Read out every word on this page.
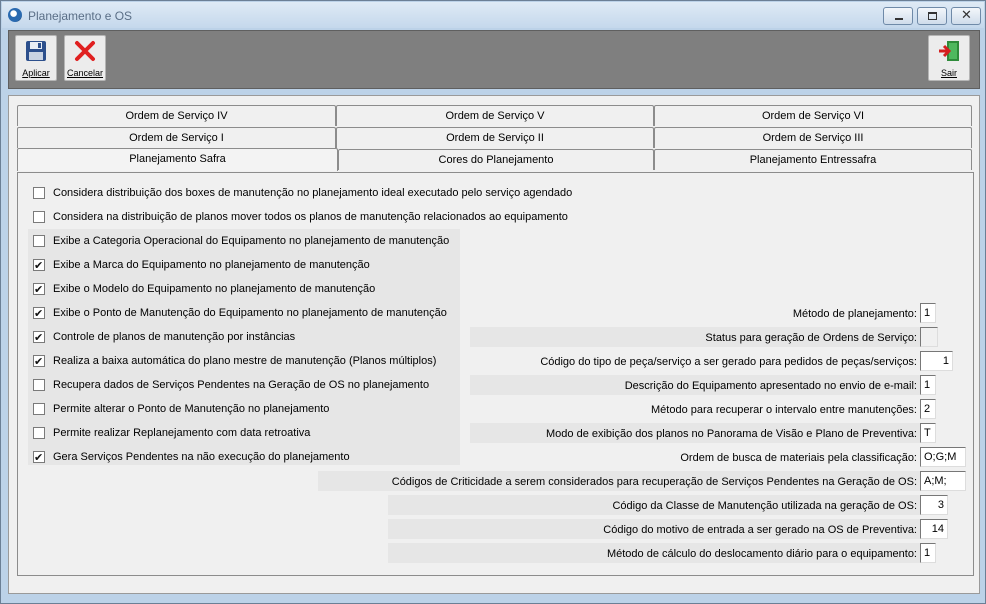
Planejamento e OS	✕
Aplicar	Cancelar	Sair
Ordem de Serviço IV	Ordem de Serviço V	Ordem de Serviço VI
Ordem de Serviço I	Ordem de Serviço II	Ordem de Serviço III
Planejamento Safra	Cores do Planejamento	Planejamento Entressafra
Considera distribuição dos boxes de manutenção no planejamento ideal executado pelo serviço agendado
Considera na distribuição de planos mover todos os planos de manutenção relacionados ao equipamento
Exibe a Categoria Operacional do Equipamento no planejamento de manutenção
✔
Exibe a Marca do Equipamento no planejamento de manutenção
✔
Exibe o Modelo do Equipamento no planejamento de manutenção
✔
Exibe o Ponto de Manutenção do Equipamento no planejamento de manutenção
✔
Controle de planos de manutenção por instâncias
✔
Realiza a baixa automática do plano mestre de manutenção (Planos múltiplos)
Recupera dados de Serviços Pendentes na Geração de OS no planejamento
Permite alterar o Ponto de Manutenção no planejamento
Permite realizar Replanejamento com data retroativa
✔
Gera Serviços Pendentes na não execução do planejamento
Método de planejamento: 1
Status para geração de Ordens de Serviço:
Código do tipo de peça/serviço a ser gerado para pedidos de peças/serviços:	1
Descrição do Equipamento apresentado no envio de e-mail: 1
Método para recuperar o intervalo entre manutenções: 2
Modo de exibição dos planos no Panorama de Visão e Plano de Preventiva: T
Ordem de busca de materiais pela classificação: O;G;M
Códigos de Criticidade a serem considerados para recuperação de Serviços Pendentes na Geração de OS: A;M;
Código da Classe de Manutenção utilizada na geração de OS:	3
Código do motivo de entrada a ser gerado na OS de Preventiva:	14
Método de cálculo do deslocamento diário para o equipamento: 1
